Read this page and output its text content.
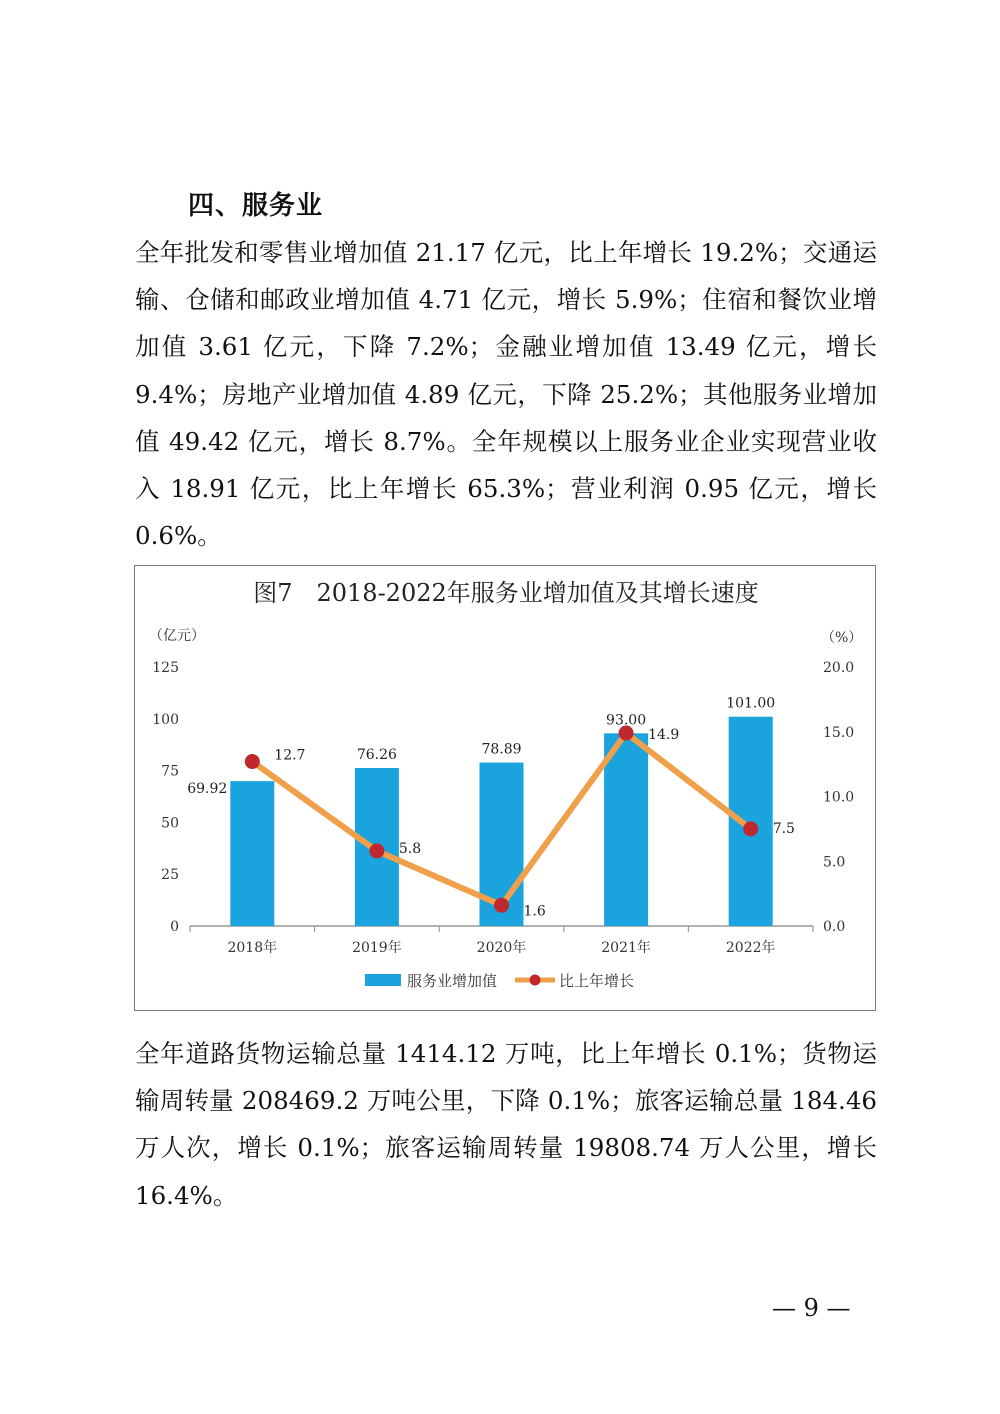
四、服务业

全年批发和零售业增加值 21.17 亿元，比上年增长 19.2%；交通运输、仓储和邮政业增加值 4.71 亿元，增长 5.9%；住宿和餐饮业增加值 3.61 亿元，下降 7.2%；金融业增加值 13.49 亿元，增长 9.4%；房地产业增加值 4.89 亿元，下降 25.2%；其他服务业增加值 49.42 亿元，增长 8.7%。全年规模以上服务业企业实现营业收入 18.91 亿元，比上年增长 65.3%；营业利润 0.95 亿元，增长 0.6%。

图7　2018-2022年服务业增加值及其增长速度
（亿元）	（%）
0
25
50
75
100
125
0.0
5.0
10.0
15.0
20.0
2018年	2019年	2020年	2021年	2022年
69.92
76.26	78.89
93.00
101.00
12.7
5.8
1.6
14.9
7.5
服务业增加值	比上年增长

全年道路货物运输总量 1414.12 万吨，比上年增长 0.1%；货物运输周转量 208469.2 万吨公里，下降 0.1%；旅客运输总量 184.46 万人次，增长 0.1%；旅客运输周转量 19808.74 万人公里，增长 16.4%。

— 9 —
